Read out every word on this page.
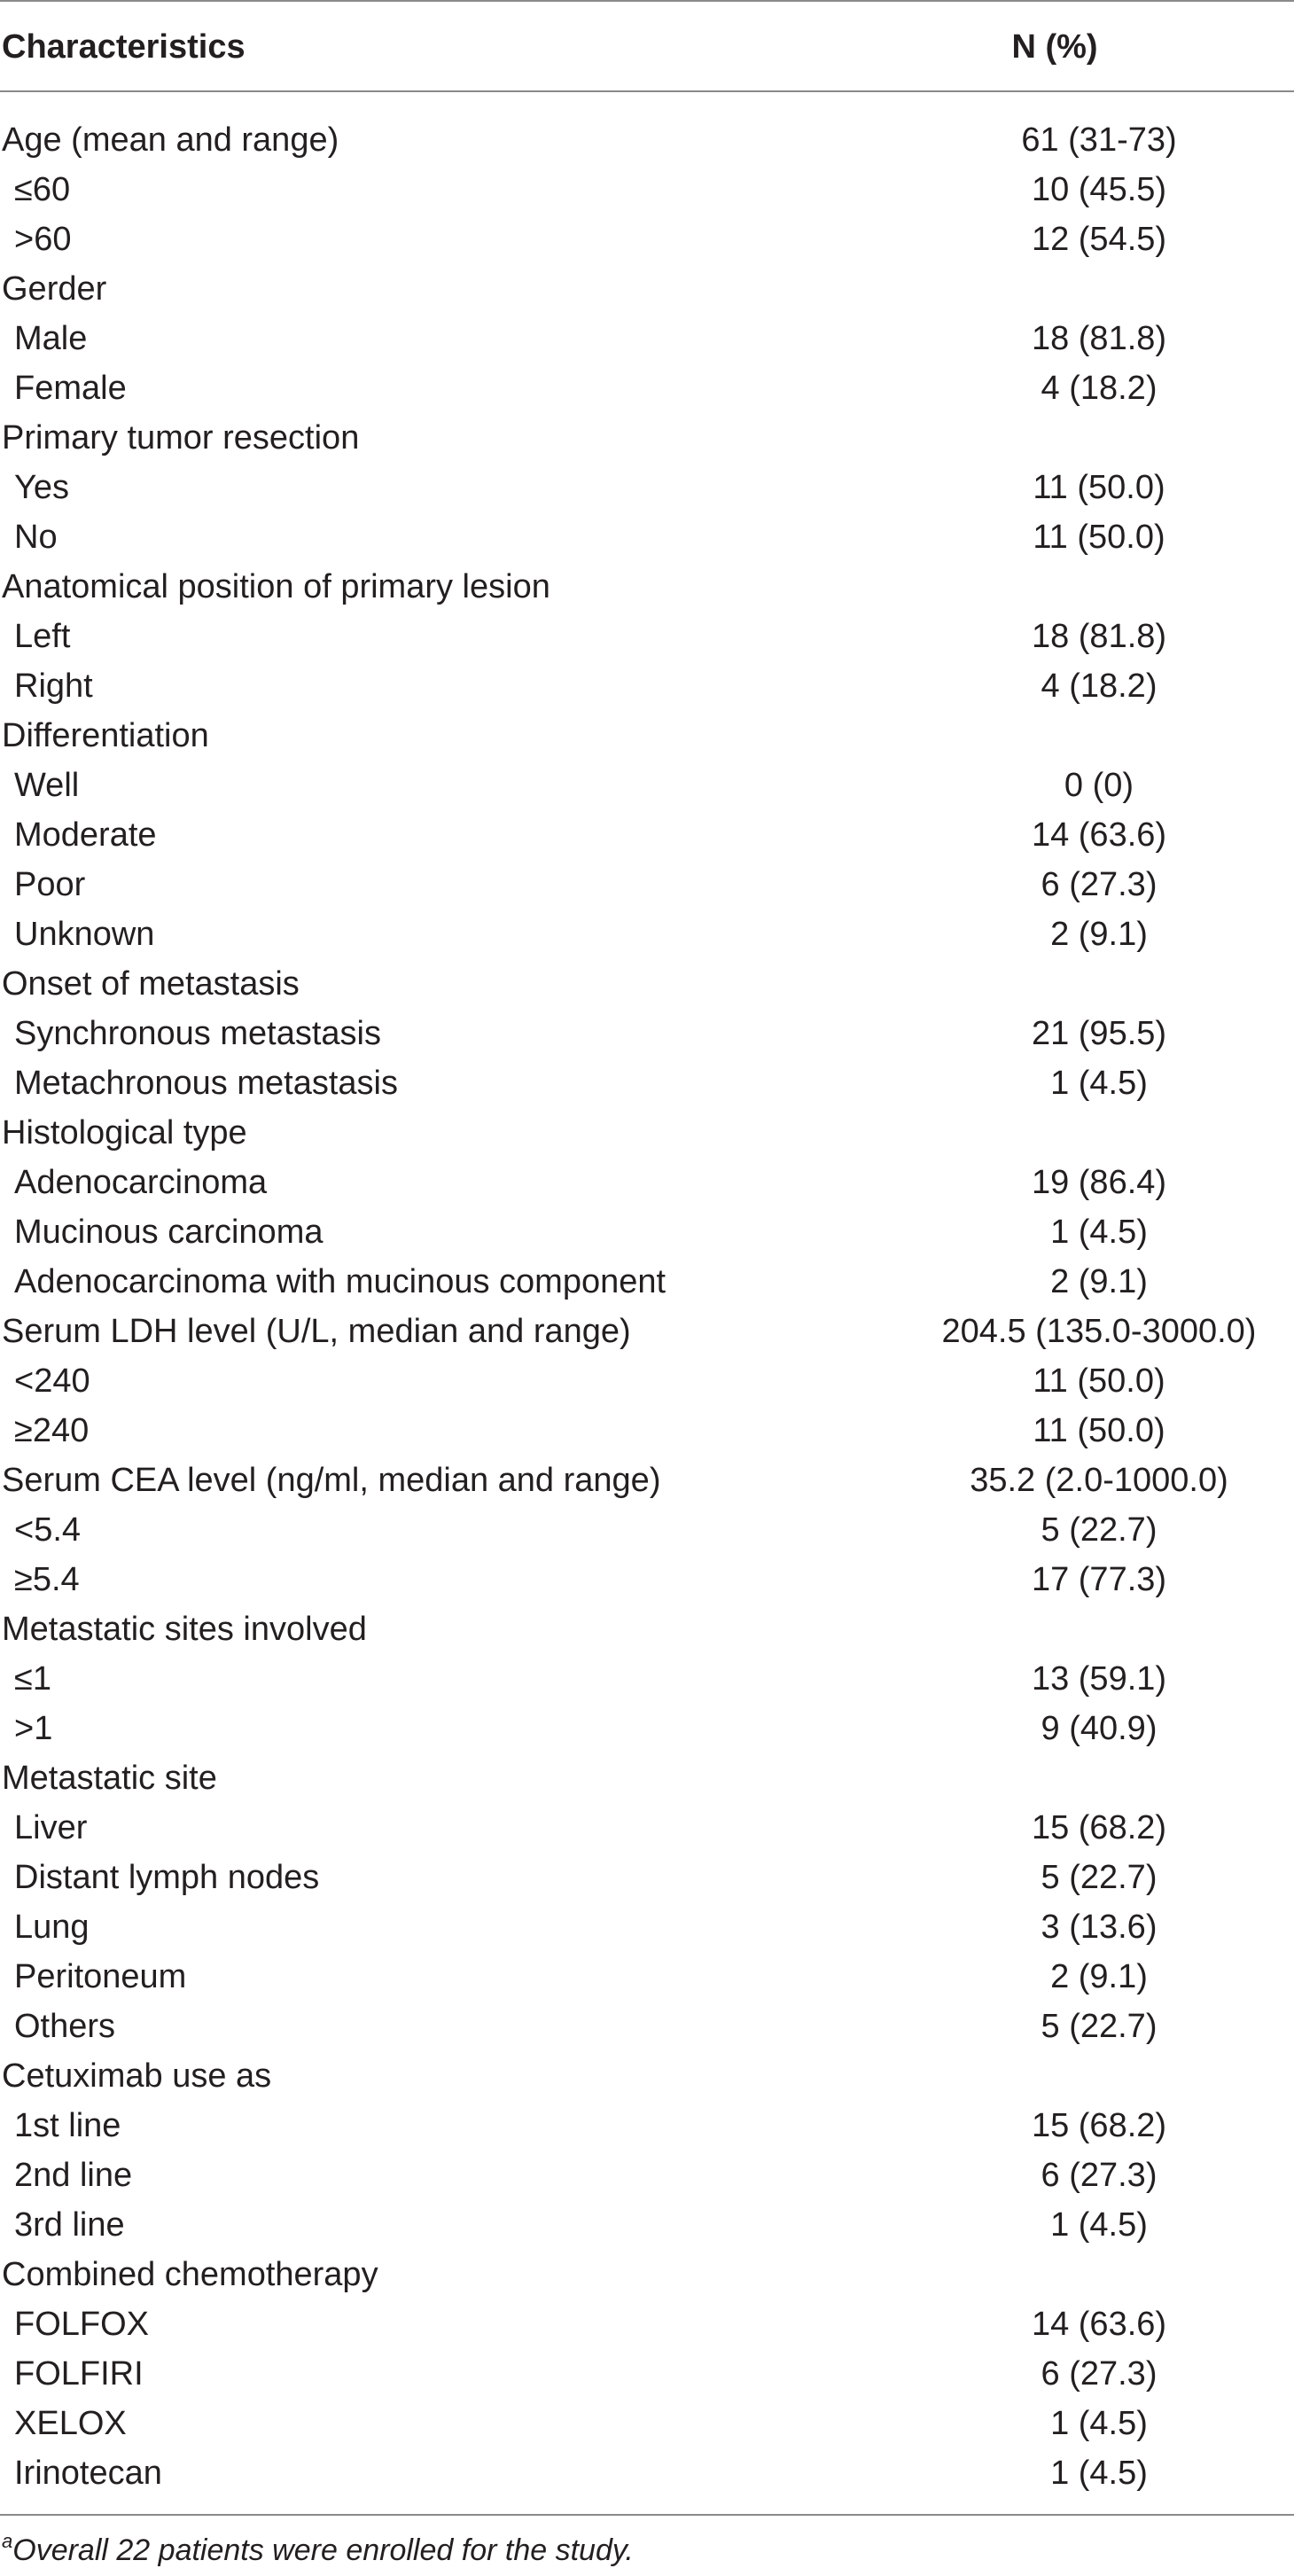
Characteristics	N (%)
Age (mean and range)	61 (31-73)
≤60	10 (45.5)
>60	12 (54.5)
Gerder
Male	18 (81.8)
Female	4 (18.2)
Primary tumor resection
Yes	11 (50.0)
No	11 (50.0)
Anatomical position of primary lesion
Left	18 (81.8)
Right	4 (18.2)
Differentiation
Well	0 (0)
Moderate	14 (63.6)
Poor	6 (27.3)
Unknown	2 (9.1)
Onset of metastasis
Synchronous metastasis	21 (95.5)
Metachronous metastasis	1 (4.5)
Histological type
Adenocarcinoma	19 (86.4)
Mucinous carcinoma	1 (4.5)
Adenocarcinoma with mucinous component	2 (9.1)
Serum LDH level (U/L, median and range)	204.5 (135.0-3000.0)
<240	11 (50.0)
≥240	11 (50.0)
Serum CEA level (ng/ml, median and range)	35.2 (2.0-1000.0)
<5.4	5 (22.7)
≥5.4	17 (77.3)
Metastatic sites involved
≤1	13 (59.1)
>1	9 (40.9)
Metastatic site
Liver	15 (68.2)
Distant lymph nodes	5 (22.7)
Lung	3 (13.6)
Peritoneum	2 (9.1)
Others	5 (22.7)
Cetuximab use as
1st line	15 (68.2)
2nd line	6 (27.3)
3rd line	1 (4.5)
Combined chemotherapy
FOLFOX	14 (63.6)
FOLFIRI	6 (27.3)
XELOX	1 (4.5)
Irinotecan	1 (4.5)
$^a$Overall 22 patients were enrolled for the study.
